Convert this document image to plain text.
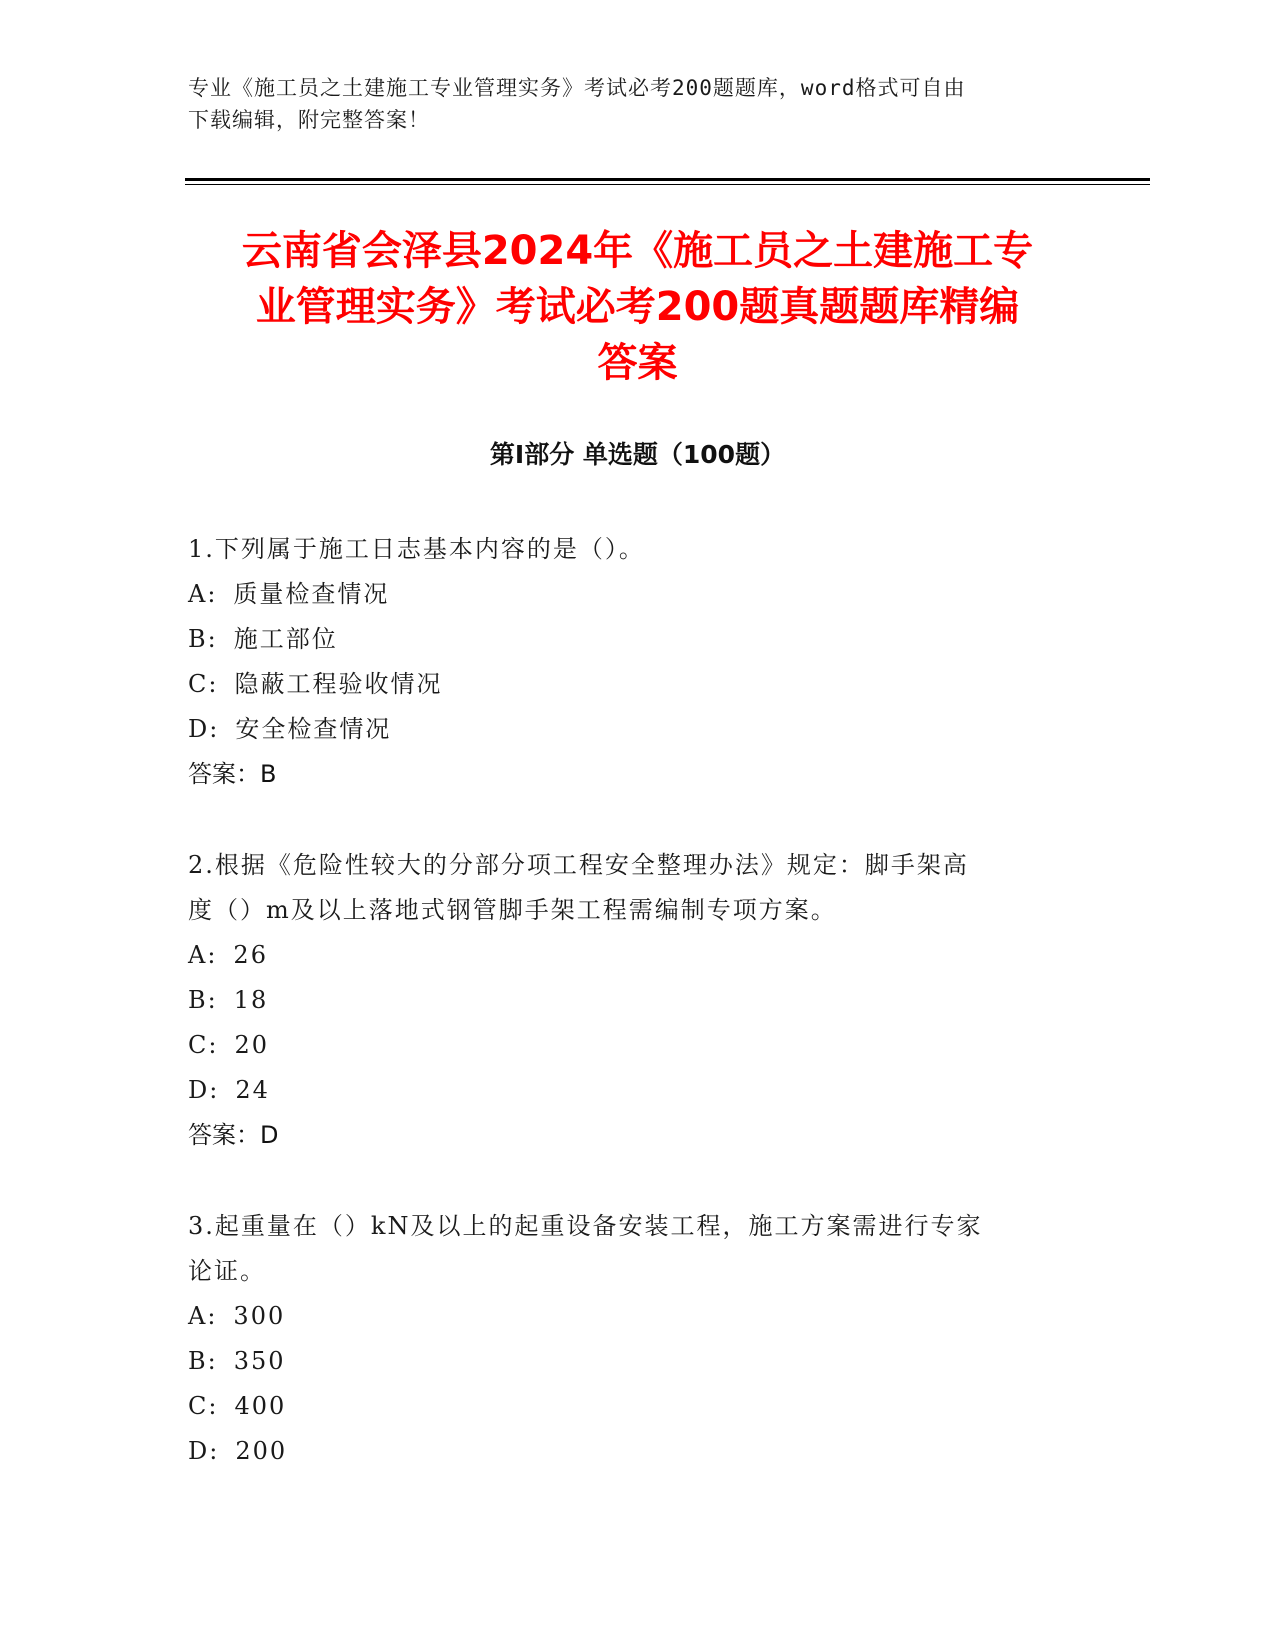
专业《施工员之土建施工专业管理实务》考试必考200题题库，word格式可自由
下载编辑，附完整答案！
云南省会泽县2024年《施工员之土建施工专
业管理实务》考试必考200题真题题库精编
答案
第Ⅰ部分 单选题（100题）
1.下列属于施工日志基本内容的是（）。
A: 质量检查情况
B: 施工部位
C: 隐蔽工程验收情况
D: 安全检查情况
答案：B
2.根据《危险性较大的分部分项工程安全整理办法》规定：脚手架高
度（）m及以上落地式钢管脚手架工程需编制专项方案。
A: 26
B: 18
C: 20
D: 24
答案：D
3.起重量在（）kN及以上的起重设备安装工程，施工方案需进行专家
论证。
A: 300
B: 350
C: 400
D: 200
